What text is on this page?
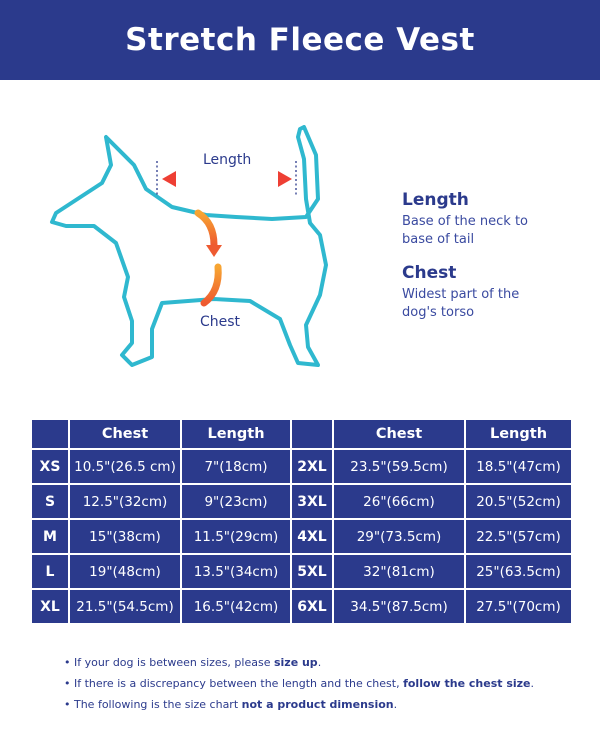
Stretch Fleece Vest
Length
Chest
Length
Base of the neck to
base of tail
Chest
Widest part of the
dog's torso
	Chest	Length		Chest	Length
XS	10.5"(26.5 cm)	7"(18cm)	2XL	23.5"(59.5cm)	18.5"(47cm)
S	12.5"(32cm)	9"(23cm)	3XL	26"(66cm)	20.5"(52cm)
M	15"(38cm)	11.5"(29cm)	4XL	29"(73.5cm)	22.5"(57cm)
L	19"(48cm)	13.5"(34cm)	5XL	32"(81cm)	25"(63.5cm)
XL	21.5"(54.5cm)	16.5"(42cm)	6XL	34.5"(87.5cm)	27.5"(70cm)
• If your dog is between sizes, please size up.
• If there is a discrepancy between the length and the chest, follow the chest size.
• The following is the size chart not a product dimension.
